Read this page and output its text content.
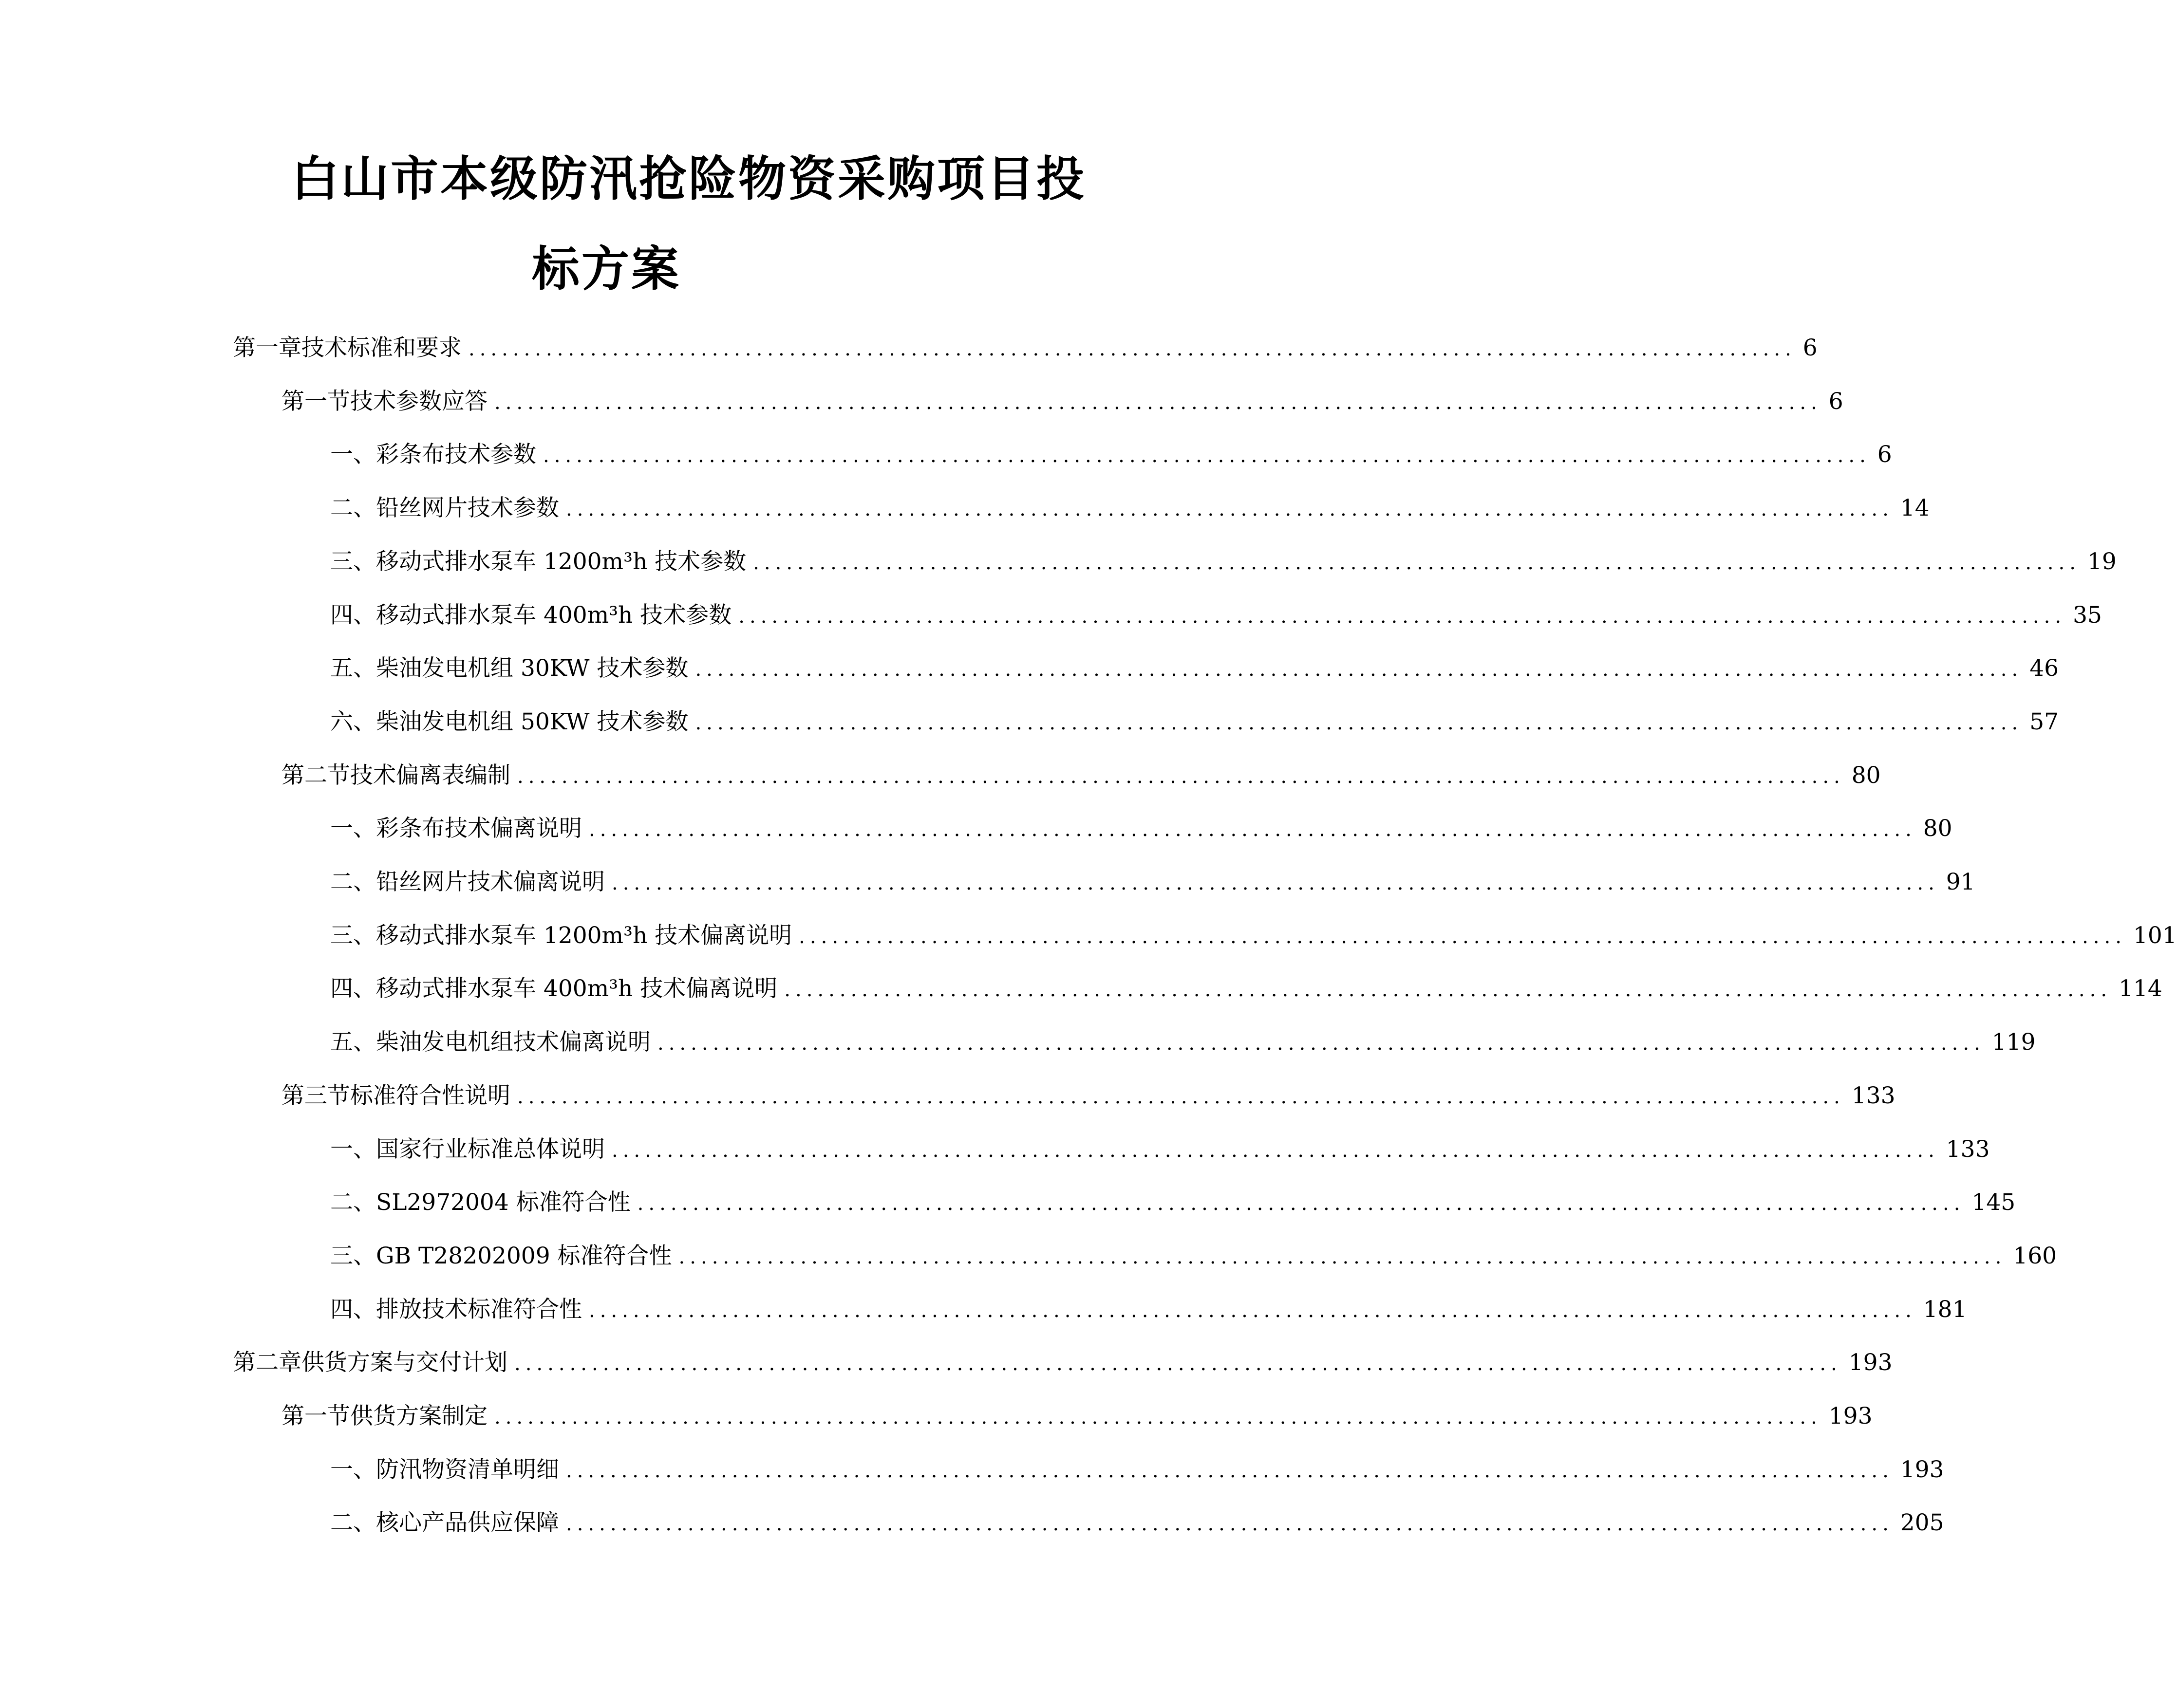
白山市本级防汛抢险物资采购项目投
标方案
第一章 技术标准和要求 ........................................................................................................................ 6
第一节 技术参数应答 ........................................................................................................................ 6
一、 彩条布技术参数 ........................................................................................................................ 6
二、 铅丝网片技术参数 ........................................................................................................................ 14
三、 移动式排水泵车 1200m³h 技术参数 ........................................................................................................................ 19
四、 移动式排水泵车 400m³h 技术参数 ........................................................................................................................ 35
五、 柴油发电机组 30KW 技术参数 ........................................................................................................................ 46
六、 柴油发电机组 50KW 技术参数 ........................................................................................................................ 57
第二节 技术偏离表编制 ........................................................................................................................ 80
一、 彩条布技术偏离说明 ........................................................................................................................ 80
二、 铅丝网片技术偏离说明 ........................................................................................................................ 91
三、 移动式排水泵车 1200m³h 技术偏离说明 ........................................................................................................................ 101
四、 移动式排水泵车 400m³h 技术偏离说明 ........................................................................................................................ 114
五、 柴油发电机组技术偏离说明 ........................................................................................................................ 119
第三节 标准符合性说明 ........................................................................................................................ 133
一、 国家行业标准总体说明 ........................................................................................................................ 133
二、 SL2972004 标准符合性 ........................................................................................................................ 145
三、 GB T28202009 标准符合性 ........................................................................................................................ 160
四、 排放技术标准符合性 ........................................................................................................................ 181
第二章 供货方案与交付计划 ........................................................................................................................ 193
第一节 供货方案制定 ........................................................................................................................ 193
一、 防汛物资清单明细 ........................................................................................................................ 193
二、 核心产品供应保障 ........................................................................................................................ 205
